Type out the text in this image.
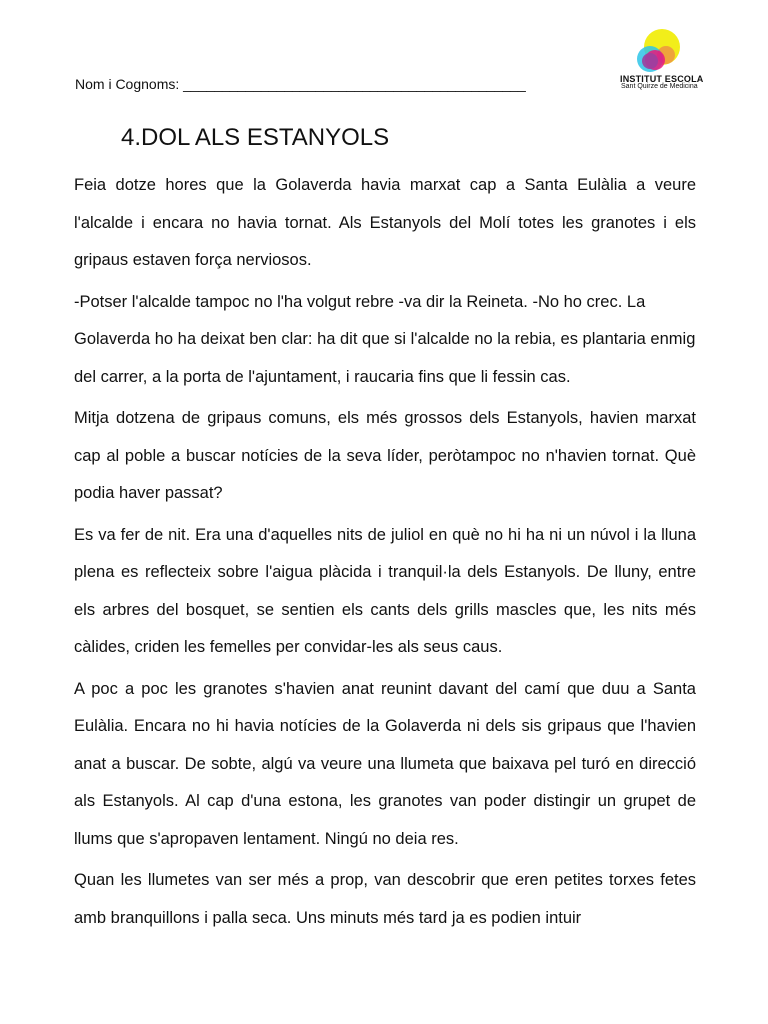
Nom i Cognoms: ____________________________________________	INSTITUT ESCOLA
Sant Quirze de Medicina
4.DOL ALS ESTANYOLS

Feia dotze hores que la Golaverda havia marxat cap a Santa Eulàlia a veure l'alcalde i encara no havia tornat. Als Estanyols del Molí totes les granotes i els gripaus estaven força nerviosos.

-Potser l'alcalde tampoc no l'ha volgut rebre -va dir la Reineta. -No ho crec. La Golaverda ho ha deixat ben clar: ha dit que si l'alcalde no la rebia, es plantaria enmig del carrer, a la porta de l'ajuntament, i raucaria fins que li fessin cas.

Mitja dotzena de gripaus comuns, els més grossos dels Estanyols, havien marxat cap al poble a buscar notícies de la seva líder, peròtampoc no n'havien tornat. Què podia haver passat?

Es va fer de nit. Era una d'aquelles nits de juliol en què no hi ha ni un núvol i la lluna plena es reflecteix sobre l'aigua plàcida i tranquil·la dels Estanyols. De lluny, entre els arbres del bosquet, se sentien els cants dels grills mascles que, les nits més càlides, criden les femelles per convidar-les als seus caus.

A poc a poc les granotes s'havien anat reunint davant del camí que duu a Santa Eulàlia. Encara no hi havia notícies de la Golaverda ni dels sis gripaus que l'havien anat a buscar. De sobte, algú va veure una llumeta que baixava pel turó en direcció als Estanyols. Al cap d'una estona, les granotes van poder distingir un grupet de llums que s'apropaven lentament. Ningú no deia res.

Quan les llumetes van ser més a prop, van descobrir que eren petites torxes fetes amb branquillons i palla seca. Uns minuts més tard ja es podien intuir
